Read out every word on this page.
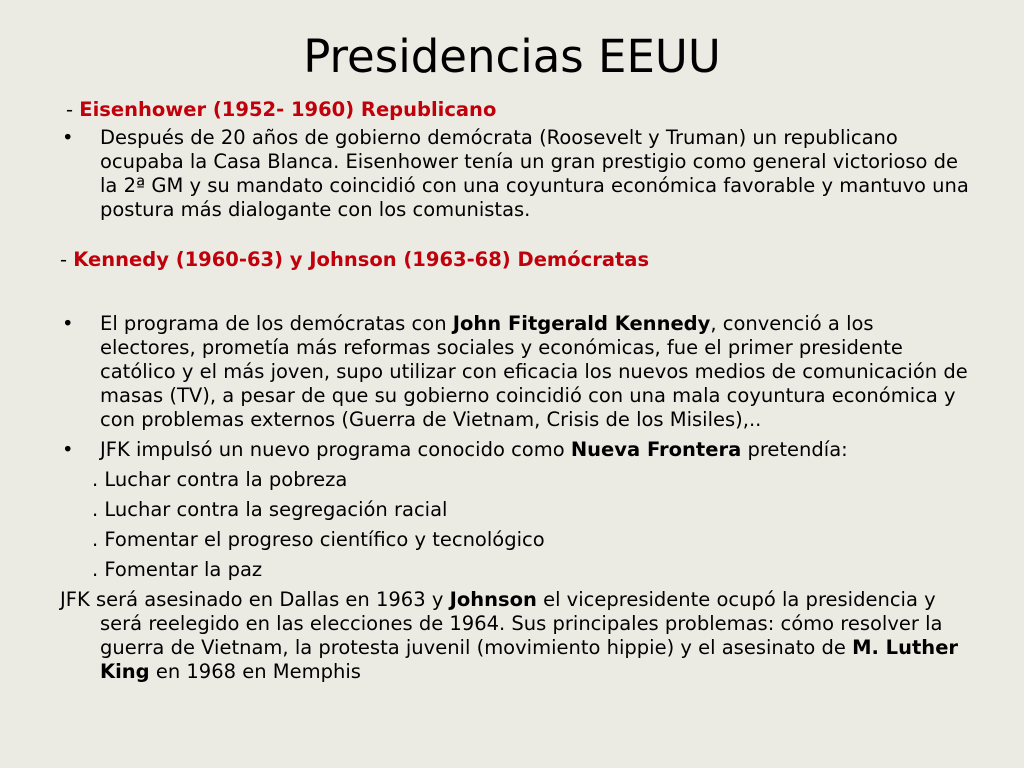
Presidencias EEUU
- Eisenhower (1952- 1960) Republicano
•	Después de 20 años de gobierno demócrata (Roosevelt y Truman) un republicano ocupaba la Casa Blanca. Eisenhower tenía un gran prestigio como general victorioso de la 2ª GM y su mandato coincidió con una coyuntura económica favorable y mantuvo una postura más dialogante con los comunistas.
- Kennedy (1960-63) y Johnson (1963-68) Demócratas
•	El programa de los demócratas con John Fitgerald Kennedy, convenció a los electores, prometía más reformas sociales y económicas, fue el primer presidente católico y el más joven, supo utilizar con eficacia los nuevos medios de comunicación de masas (TV), a pesar de que su gobierno coincidió con una mala coyuntura económica y con problemas externos (Guerra de Vietnam, Crisis de los Misiles),..
•	JFK impulsó un nuevo programa conocido como Nueva Frontera pretendía:
. Luchar contra la pobreza
. Luchar contra la segregación racial
. Fomentar el progreso científico y tecnológico
. Fomentar la paz
JFK será asesinado en Dallas en 1963 y Johnson el vicepresidente ocupó la presidencia y será reelegido en las elecciones de 1964. Sus principales problemas: cómo resolver la guerra de Vietnam, la protesta juvenil (movimiento hippie) y el asesinato de M. Luther King en 1968 en Memphis
